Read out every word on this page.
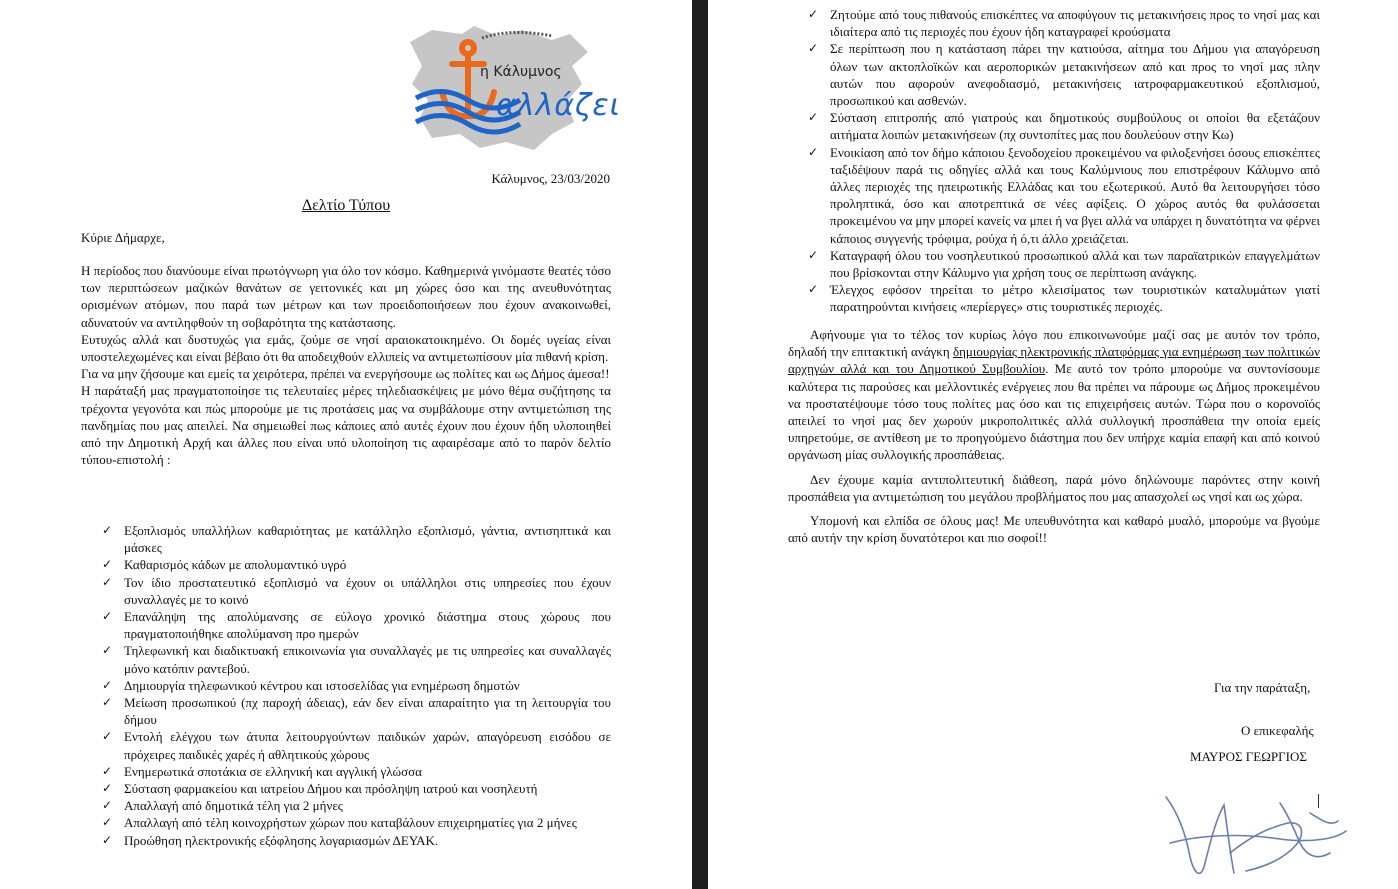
η Κάλυμνος
αλλάζει
Κάλυμνος, 23/03/2020
Δελτίο Τύπου
Κύριε Δήμαρχε,

Η περίοδος που διανύουμε είναι πρωτόγνωρη για όλο τον κόσμο. Καθημερινά γινόμαστε θεατές τόσο των περιπτώσεων μαζικών θανάτων σε γειτονικές και μη χώρες όσο και της ανευθυνότητας ορισμένων ατόμων, που παρά των μέτρων και των προειδοποιήσεων που έχουν ανακοινωθεί, αδυνατούν να αντιληφθούν τη σοβαρότητα της κατάστασης.

Ευτυχώς αλλά και δυστυχώς για εμάς, ζούμε σε νησί αραιοκατοικημένο. Οι δομές υγείας είναι υποστελεχωμένες και είναι βέβαιο ότι θα αποδειχθούν ελλιπείς να αντιμετωπίσουν μία πιθανή κρίση.

Για να μην ζήσουμε και εμείς τα χειρότερα, πρέπει να ενεργήσουμε ως πολίτες και ως Δήμος άμεσα!!

Η παράταξή μας πραγματοποίησε τις τελευταίες μέρες τηλεδιασκέψεις με μόνο θέμα συζήτησης τα τρέχοντα γεγονότα και πώς μπορούμε με τις προτάσεις μας να συμβάλουμε στην αντιμετώπιση της πανδημίας που μας απειλεί. Να σημειωθεί πως κάποιες από αυτές έχουν που έχουν ήδη υλοποιηθεί από την Δημοτική Αρχή και άλλες που είναι υπό υλοποίηση τις αφαιρέσαμε από το παρόν δελτίο τύπου-επιστολή :

✓ Εξοπλισμός υπαλλήλων καθαριότητας με κατάλληλο εξοπλισμό, γάντια, αντισηπτικά και μάσκες
✓ Καθαρισμός κάδων με απολυμαντικό υγρό
✓ Τον ίδιο προστατευτικό εξοπλισμό να έχουν οι υπάλληλοι στις υπηρεσίες που έχουν συναλλαγές με το κοινό
✓ Επανάληψη της απολύμανσης σε εύλογο χρονικό διάστημα στους χώρους που πραγματοποιήθηκε απολύμανση προ ημερών
✓ Τηλεφωνική και διαδικτυακή επικοινωνία για συναλλαγές με τις υπηρεσίες και συναλλαγές μόνο κατόπιν ραντεβού.
✓ Δημιουργία τηλεφωνικού κέντρου και ιστοσελίδας για ενημέρωση δημοτών
✓ Μείωση προσωπικού (πχ παροχή άδειας), εάν δεν είναι απαραίτητο για τη λειτουργία του δήμου
✓ Εντολή ελέγχου των άτυπα λειτουργούντων παιδικών χαρών, απαγόρευση εισόδου σε πρόχειρες παιδικές χαρές ή αθλητικούς χώρους
✓ Ενημερωτικά σποτάκια σε ελληνική και αγγλική γλώσσα
✓ Σύσταση φαρμακείου και ιατρείου Δήμου και πρόσληψη ιατρού και νοσηλευτή
✓ Απαλλαγή από δημοτικά τέλη για 2 μήνες
✓ Απαλλαγή από τέλη κοινοχρήστων χώρων που καταβάλουν επιχειρηματίες για 2 μήνες
✓ Προώθηση ηλεκτρονικής εξόφλησης λογαριασμών ΔΕΥΑΚ.
✓ Ζητούμε από τους πιθανούς επισκέπτες να αποφύγουν τις μετακινήσεις προς το νησί μας και ιδιαίτερα από τις περιοχές που έχουν ήδη καταγραφεί κρούσματα
✓ Σε περίπτωση που η κατάσταση πάρει την κατιούσα, αίτημα του Δήμου για απαγόρευση όλων των ακτοπλοϊκών και αεροπορικών μετακινήσεων από και προς το νησί μας πλην αυτών που αφορούν ανεφοδιασμό, μετακινήσεις ιατροφαρμακευτικού εξοπλισμού, προσωπικού και ασθενών.
✓ Σύσταση επιτροπής από γιατρούς και δημοτικούς συμβούλους οι οποίοι θα εξετάζουν αιτήματα λοιπών μετακινήσεων (πχ συντοπίτες μας που δουλεύουν στην Κω)
✓ Ενοικίαση από τον δήμο κάποιου ξενοδοχείου προκειμένου να φιλοξενήσει όσους επισκέπτες ταξιδέψουν παρά τις οδηγίες αλλά και τους Καλύμνιους που επιστρέφουν Κάλυμνο από άλλες περιοχές της ηπειρωτικής Ελλάδας και του εξωτερικού. Αυτό θα λειτουργήσει τόσο προληπτικά, όσο και αποτρεπτικά σε νέες αφίξεις. Ο χώρος αυτός θα φυλάσσεται προκειμένου να μην μπορεί κανείς να μπει ή να βγει αλλά να υπάρχει η δυνατότητα να φέρνει κάποιος συγγενής τρόφιμα, ρούχα ή ό,τι άλλο χρειάζεται.
✓ Καταγραφή όλου του νοσηλευτικού προσωπικού αλλά και των παραϊατρικών επαγγελμάτων που βρίσκονται στην Κάλυμνο για χρήση τους σε περίπτωση ανάγκης.
✓ Έλεγχος εφόσον τηρείται το μέτρο κλεισίματος των τουριστικών καταλυμάτων γιατί παρατηρούνται κινήσεις «περίεργες» στις τουριστικές περιοχές.

Αφήνουμε για το τέλος τον κυρίως λόγο που επικοινωνούμε μαζί σας με αυτόν τον τρόπο, δηλαδή την επιτακτική ανάγκη δημιουργίας ηλεκτρονικής πλατφόρμας για ενημέρωση των πολιτικών αρχηγών αλλά και του Δημοτικού Συμβουλίου. Με αυτό τον τρόπο μπορούμε να συντονίσουμε καλύτερα τις παρούσες και μελλοντικές ενέργειες που θα πρέπει να πάρουμε ως Δήμος προκειμένου να προστατέψουμε τόσο τους πολίτες μας όσο και τις επιχειρήσεις αυτών. Τώρα που ο κορονοϊός απειλεί το νησί μας δεν χωρούν μικροπολιτικές αλλά συλλογική προσπάθεια την οποία εμείς υπηρετούμε, σε αντίθεση με το προηγούμενο διάστημα που δεν υπήρχε καμία επαφή και από κοινού οργάνωση μίας συλλογικής προσπάθειας.

Δεν έχουμε καμία αντιπολιτευτική διάθεση, παρά μόνο δηλώνουμε παρόντες στην κοινή προσπάθεια για αντιμετώπιση του μεγάλου προβλήματος που μας απασχολεί ως νησί και ως χώρα.

Υπομονή και ελπίδα σε όλους μας! Με υπευθυνότητα και καθαρό μυαλό, μπορούμε να βγούμε από αυτήν την κρίση δυνατότεροι και πιο σοφοί!!

Για την παράταξη,
Ο επικεφαλής
ΜΑΥΡΟΣ ΓΕΩΡΓΙΟΣ
